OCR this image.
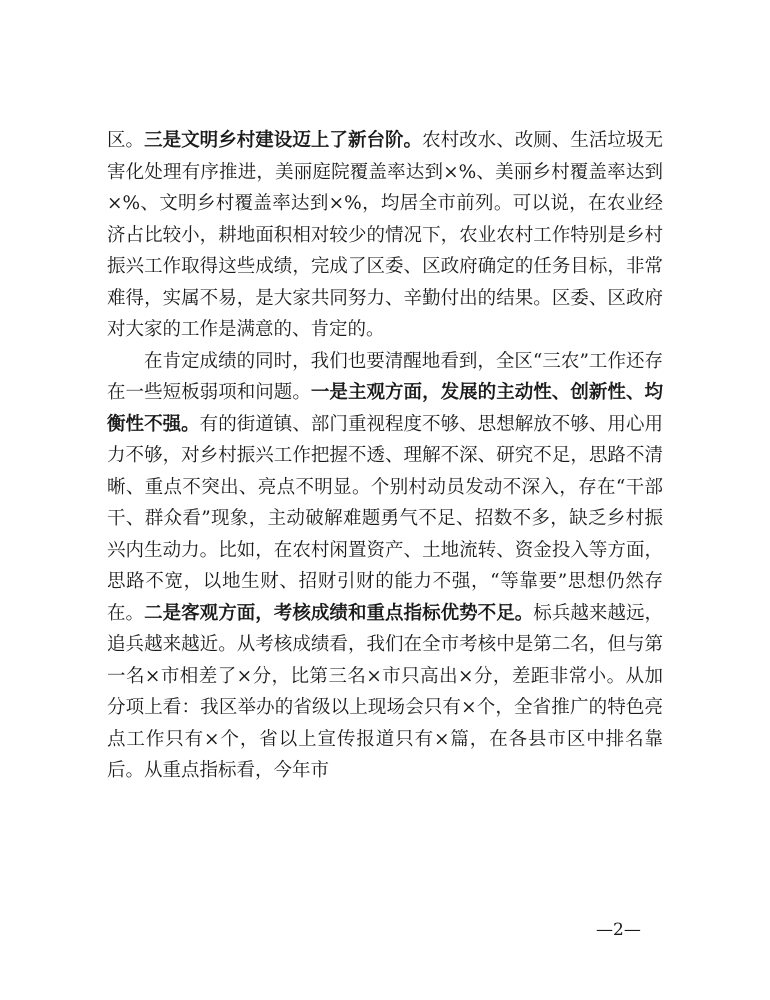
区。三是文明乡村建设迈上了新台阶。农村改水、改厕、生活垃圾无害化处理有序推进，美丽庭院覆盖率达到×%、美丽乡村覆盖率达到×%、文明乡村覆盖率达到×%，均居全市前列。可以说，在农业经济占比较小，耕地面积相对较少的情况下，农业农村工作特别是乡村振兴工作取得这些成绩，完成了区委、区政府确定的任务目标，非常难得，实属不易，是大家共同努力、辛勤付出的结果。区委、区政府对大家的工作是满意的、肯定的。

在肯定成绩的同时，我们也要清醒地看到，全区“三农”工作还存在一些短板弱项和问题。一是主观方面，发展的主动性、创新性、均衡性不强。有的街道镇、部门重视程度不够、思想解放不够、用心用力不够，对乡村振兴工作把握不透、理解不深、研究不足，思路不清晰、重点不突出、亮点不明显。个别村动员发动不深入，存在“干部干、群众看”现象，主动破解难题勇气不足、招数不多，缺乏乡村振兴内生动力。比如，在农村闲置资产、土地流转、资金投入等方面，思路不宽，以地生财、招财引财的能力不强，“等靠要”思想仍然存在。二是客观方面，考核成绩和重点指标优势不足。标兵越来越远，追兵越来越近。从考核成绩看，我们在全市考核中是第二名，但与第一名×市相差了×分，比第三名×市只高出×分，差距非常小。从加分项上看：我区举办的省级以上现场会只有×个，全省推广的特色亮点工作只有×个，省以上宣传报道只有×篇，在各县市区中排名靠后。从重点指标看，今年市

—2—
